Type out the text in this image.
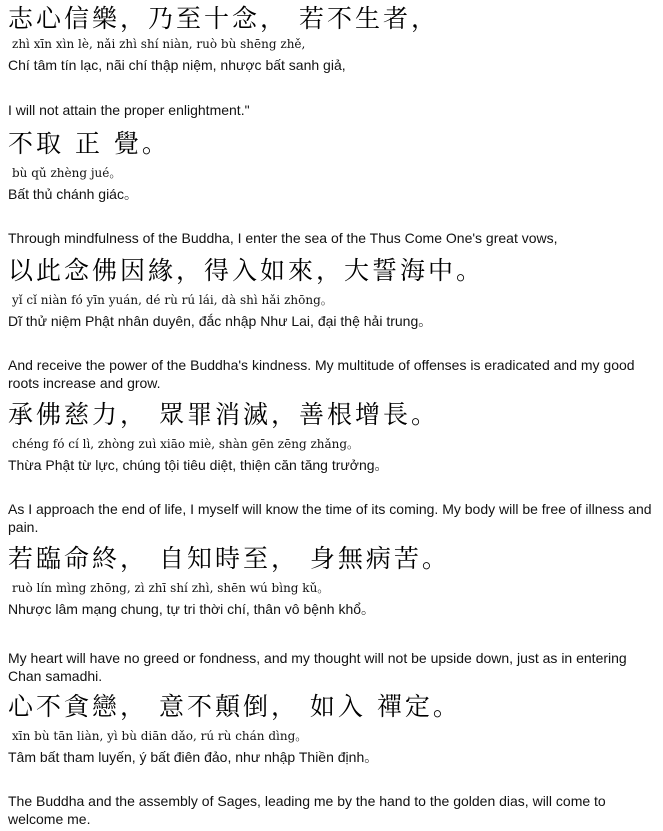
志心信樂，乃至十念， 若不生者，

zhì xīn xìn lè, nǎi zhì shí niàn, ruò bù shēng zhě,

Chí tâm tín lạc, nãi chí thập niệm, nhược bất sanh giả,

I will not attain the proper enlightment."

不取 正 覺。

bù qǔ zhèng jué。

Bất thủ chánh giác。

Through mindfulness of the Buddha, I enter the sea of the Thus Come One's great vows,

以此念佛因緣，得入如來，大誓海中。

yǐ cǐ niàn fó yīn yuán, dé rù rú lái, dà shì hǎi zhōng。

Dĩ thử niệm Phật nhân duyên, đắc nhập Như Lai, đại thệ hải trung。

And receive the power of the Buddha's kindness. My multitude of offenses is eradicated and my good roots increase and grow.

承佛慈力， 眾罪消滅，善根增長。

chéng fó cí lì, zhòng zuì xiāo miè, shàn gēn zēng zhǎng。

Thừa Phật từ lực, chúng tội tiêu diệt, thiện căn tăng trưởng。

As I approach the end of life, I myself will know the time of its coming. My body will be free of illness and pain.

若臨命終， 自知時至， 身無病苦。

ruò lín mìng zhōng, zì zhī shí zhì, shēn wú bìng kǔ。

Nhược lâm mạng chung, tự tri thời chí, thân vô bệnh khổ。

My heart will have no greed or fondness, and my thought will not be upside down, just as in entering Chan samadhi.

心不貪戀， 意不顛倒， 如入 禪定。

xīn bù tān liàn, yì bù diān dǎo, rú rù chán dìng。

Tâm bất tham luyến, ý bất điên đảo, như nhập Thiền định。

The Buddha and the assembly of Sages, leading me by the hand to the golden dias, will come to welcome me.
